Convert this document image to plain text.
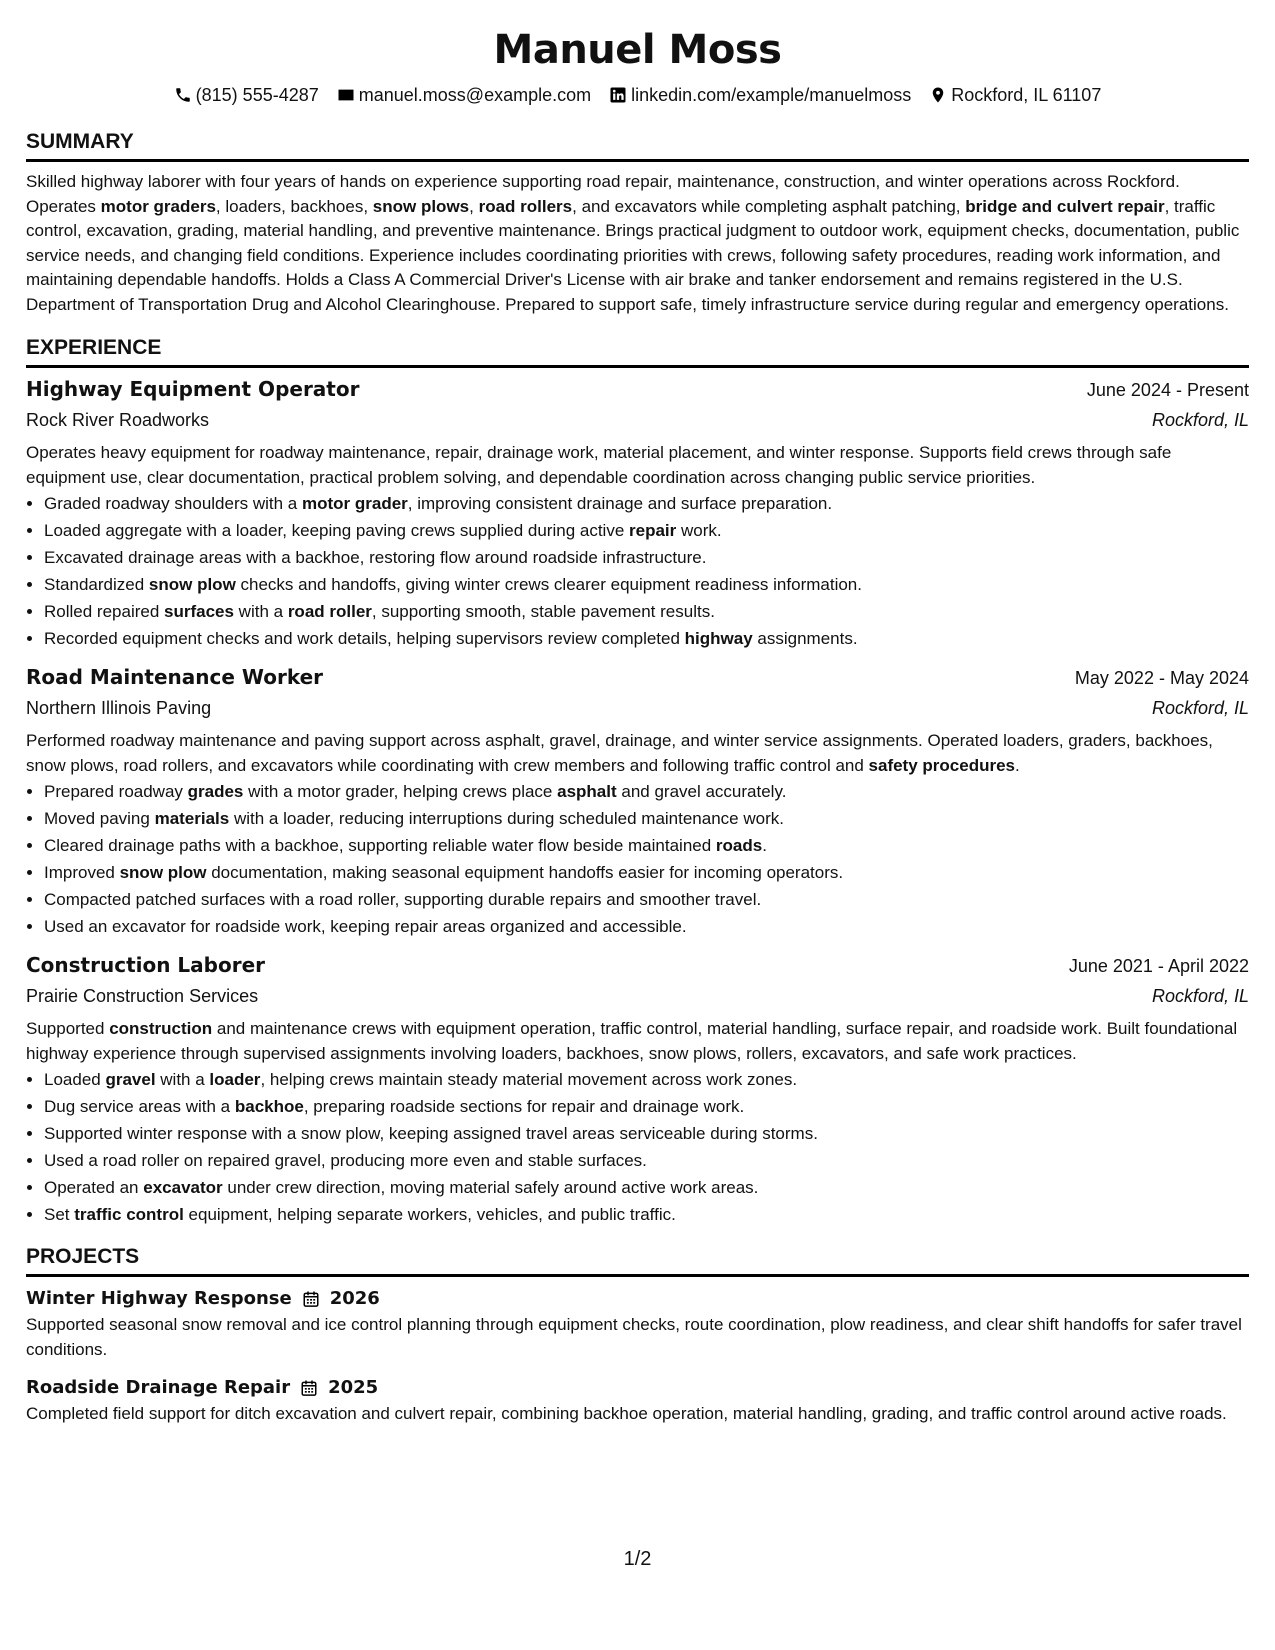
Manuel Moss
(815) 555-4287 manuel.moss@example.com linkedin.com/example/manuelmoss Rockford, IL 61107
SUMMARY
Skilled highway laborer with four years of hands on experience supporting road repair, maintenance, construction, and winter operations across Rockford. Operates motor graders, loaders, backhoes, snow plows, road rollers, and excavators while completing asphalt patching, bridge and culvert repair, traffic control, excavation, grading, material handling, and preventive maintenance. Brings practical judgment to outdoor work, equipment checks, documentation, public service needs, and changing field conditions. Experience includes coordinating priorities with crews, following safety procedures, reading work information, and maintaining dependable handoffs. Holds a Class A Commercial Driver's License with air brake and tanker endorsement and remains registered in the U.S. Department of Transportation Drug and Alcohol Clearinghouse. Prepared to support safe, timely infrastructure service during regular and emergency operations.
EXPERIENCE
Highway Equipment Operator	June 2024 - Present
Rock River Roadworks	Rockford, IL
Operates heavy equipment for roadway maintenance, repair, drainage work, material placement, and winter response. Supports field crews through safe equipment use, clear documentation, practical problem solving, and dependable coordination across changing public service priorities.
• Graded roadway shoulders with a motor grader, improving consistent drainage and surface preparation.
• Loaded aggregate with a loader, keeping paving crews supplied during active repair work.
• Excavated drainage areas with a backhoe, restoring flow around roadside infrastructure.
• Standardized snow plow checks and handoffs, giving winter crews clearer equipment readiness information.
• Rolled repaired surfaces with a road roller, supporting smooth, stable pavement results.
• Recorded equipment checks and work details, helping supervisors review completed highway assignments.
Road Maintenance Worker	May 2022 - May 2024
Northern Illinois Paving	Rockford, IL
Performed roadway maintenance and paving support across asphalt, gravel, drainage, and winter service assignments. Operated loaders, graders, backhoes, snow plows, road rollers, and excavators while coordinating with crew members and following traffic control and safety procedures.
• Prepared roadway grades with a motor grader, helping crews place asphalt and gravel accurately.
• Moved paving materials with a loader, reducing interruptions during scheduled maintenance work.
• Cleared drainage paths with a backhoe, supporting reliable water flow beside maintained roads.
• Improved snow plow documentation, making seasonal equipment handoffs easier for incoming operators.
• Compacted patched surfaces with a road roller, supporting durable repairs and smoother travel.
• Used an excavator for roadside work, keeping repair areas organized and accessible.
Construction Laborer	June 2021 - April 2022
Prairie Construction Services	Rockford, IL
Supported construction and maintenance crews with equipment operation, traffic control, material handling, surface repair, and roadside work. Built foundational highway experience through supervised assignments involving loaders, backhoes, snow plows, rollers, excavators, and safe work practices.
• Loaded gravel with a loader, helping crews maintain steady material movement across work zones.
• Dug service areas with a backhoe, preparing roadside sections for repair and drainage work.
• Supported winter response with a snow plow, keeping assigned travel areas serviceable during storms.
• Used a road roller on repaired gravel, producing more even and stable surfaces.
• Operated an excavator under crew direction, moving material safely around active work areas.
• Set traffic control equipment, helping separate workers, vehicles, and public traffic.
PROJECTS
Winter Highway Response 2026
Supported seasonal snow removal and ice control planning through equipment checks, route coordination, plow readiness, and clear shift handoffs for safer travel conditions.
Roadside Drainage Repair 2025
Completed field support for ditch excavation and culvert repair, combining backhoe operation, material handling, grading, and traffic control around active roads.
1/2
